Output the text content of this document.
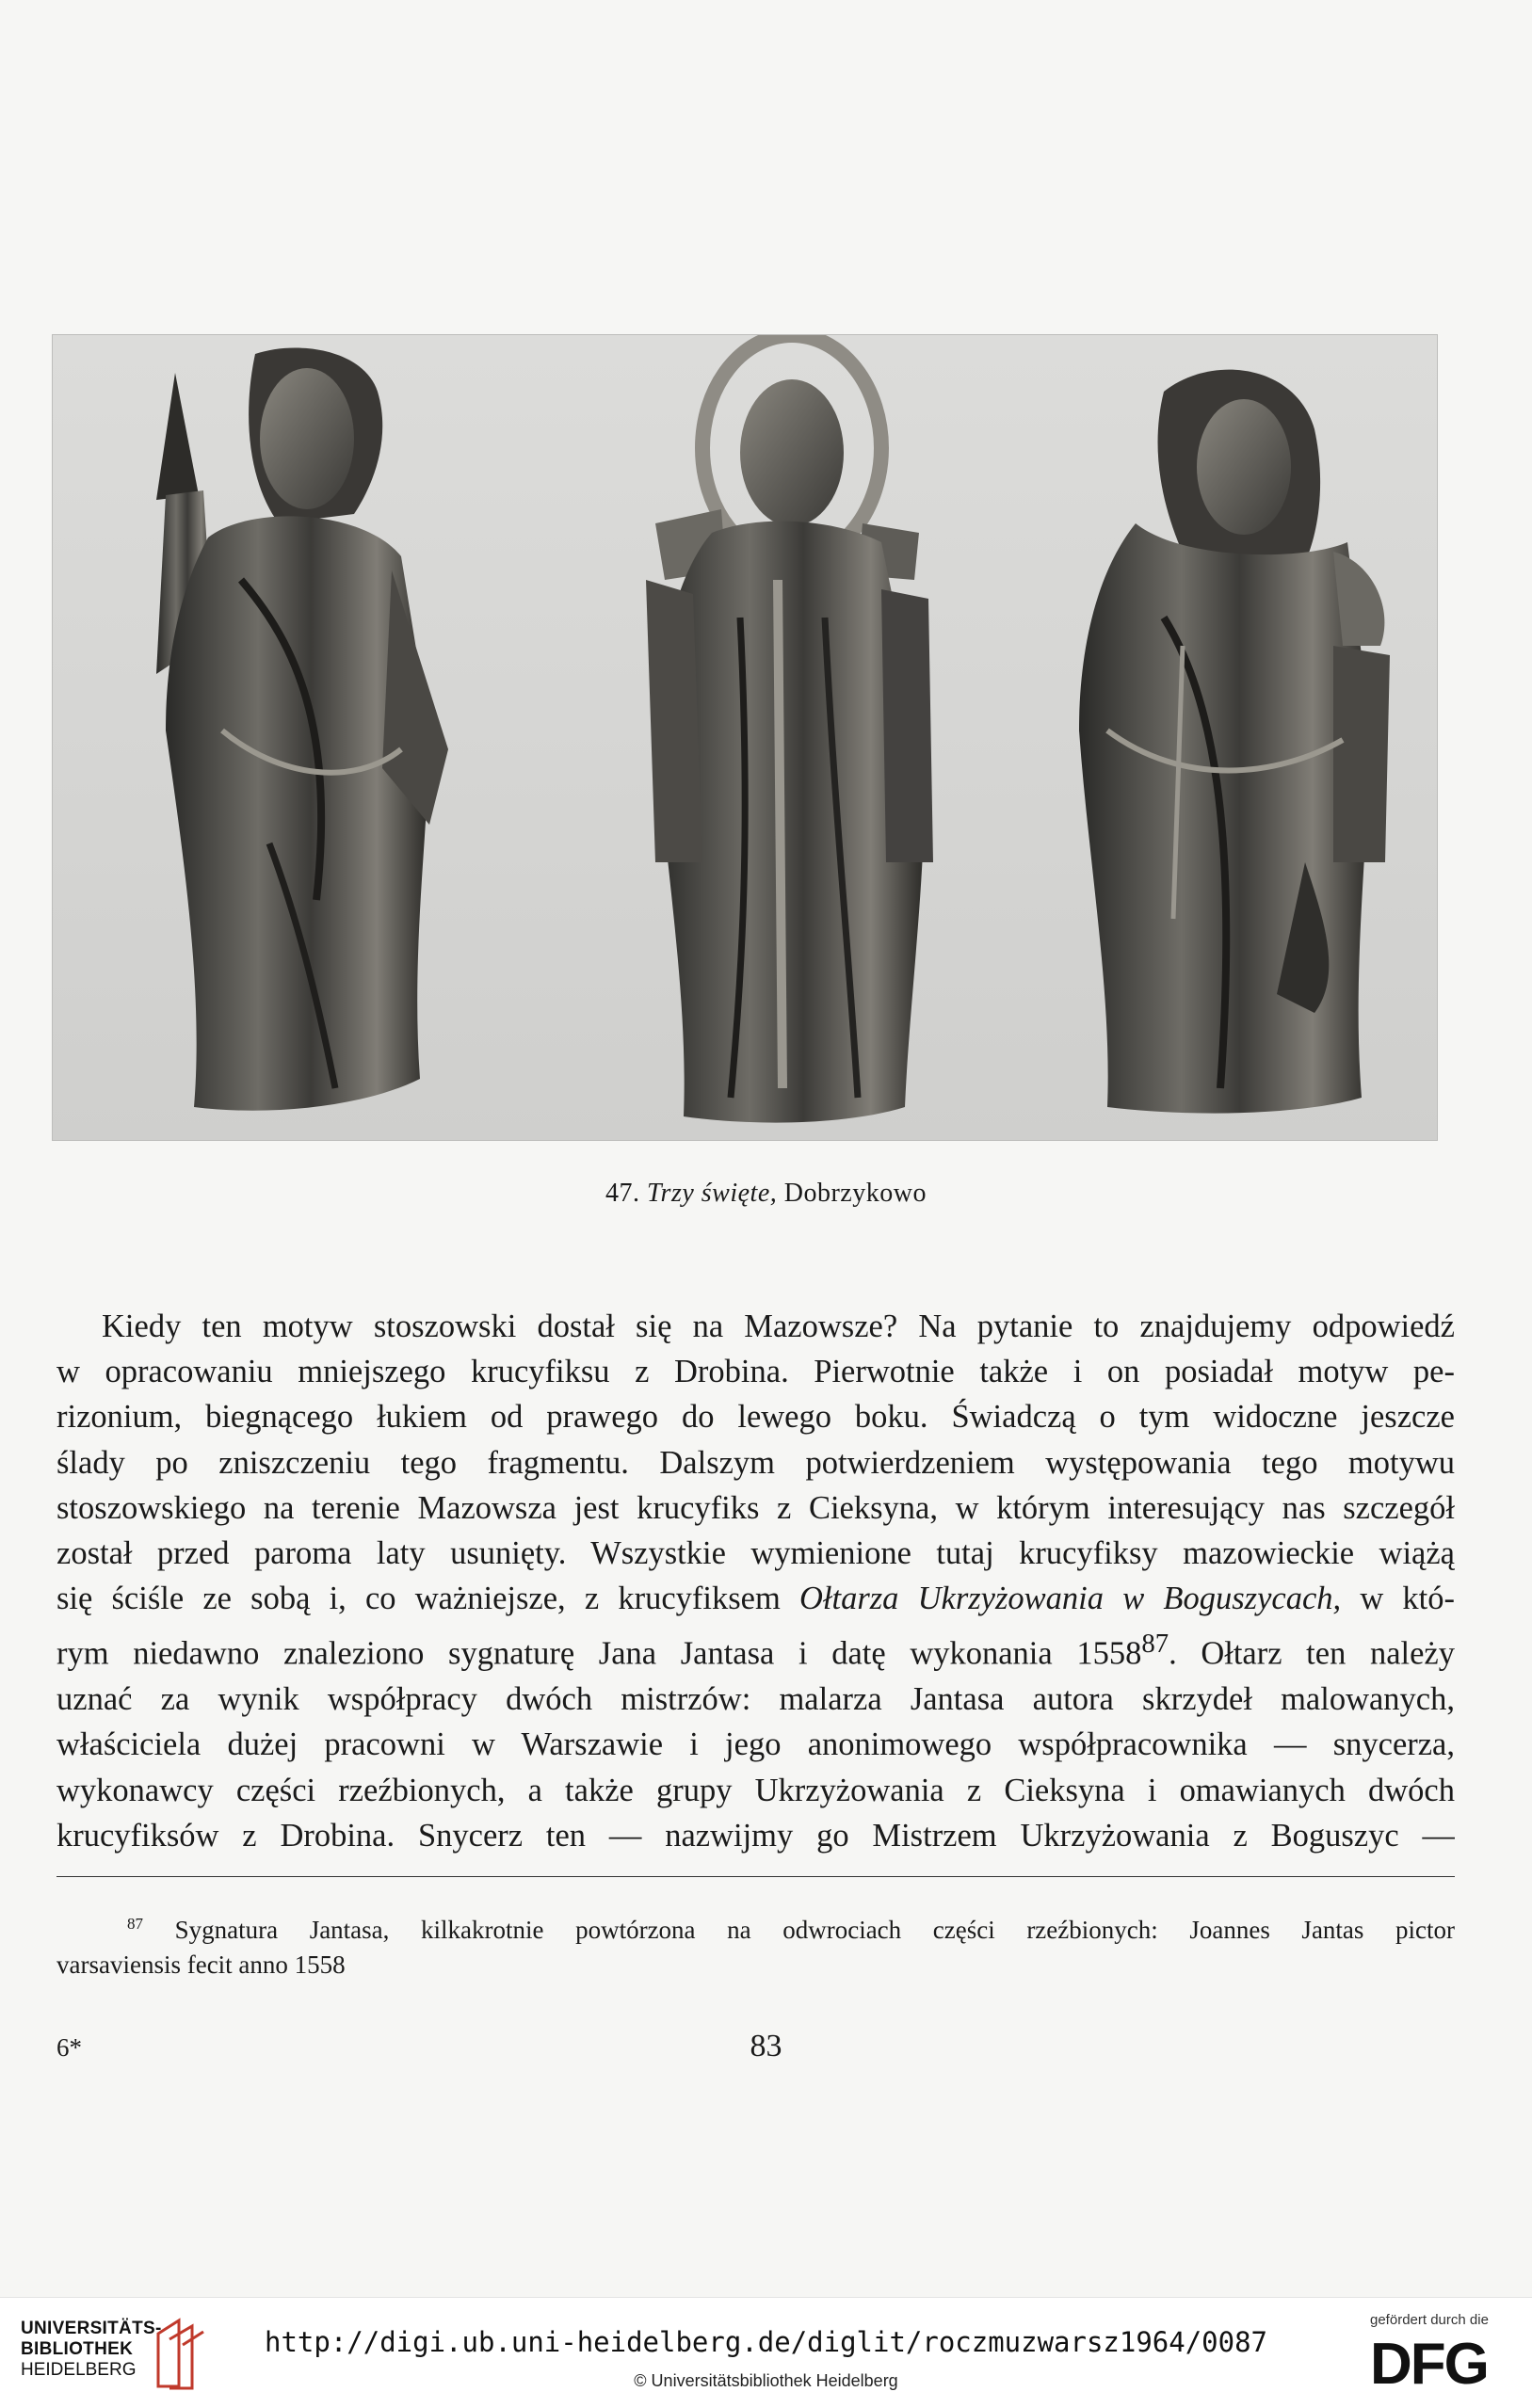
47. Trzy święte, Dobrzykowo
Kiedy ten motyw stoszowski dostał się na Mazowsze? Na pytanie to znajdujemy odpowiedź
w opracowaniu mniejszego krucyfiksu z Drobina. Pierwotnie także i on posiadał motyw pe-
rizonium, biegnącego łukiem od prawego do lewego boku. Świadczą o tym widoczne jeszcze
ślady po zniszczeniu tego fragmentu. Dalszym potwierdzeniem występowania tego motywu
stoszowskiego na terenie Mazowsza jest krucyfiks z Cieksyna, w którym interesujący nas szczegół
został przed paroma laty usunięty. Wszystkie wymienione tutaj krucyfiksy mazowieckie wiążą
się ściśle ze sobą i, co ważniejsze, z krucyfiksem Ołtarza Ukrzyżowania w Boguszycach, w któ-
rym niedawno znaleziono sygnaturę Jana Jantasa i datę wykonania 1558$^{87}$. Ołtarz ten należy
uznać za wynik współpracy dwóch mistrzów: malarza Jantasa autora skrzydeł malowanych,
właściciela dużej pracowni w Warszawie i jego anonimowego współpracownika — snycerza,
wykonawcy części rzeźbionych, a także grupy Ukrzyżowania z Cieksyna i omawianych dwóch
krucyfiksów z Drobina. Snycerz ten — nazwijmy go Mistrzem Ukrzyżowania z Boguszyc —
$^{87}$ Sygnatura Jantasa, kilkakrotnie powtórzona na odwrociach części rzeźbionych: Joannes Jantas pictor
varsaviensis fecit anno 1558
6*	83
UNIVERSITÄTS-
BIBLIOTHEK
HEIDELBERG
http://digi.ub.uni-heidelberg.de/diglit/roczmuzwarsz1964/0087
© Universitätsbibliothek Heidelberg
gefördert durch die
DFG
